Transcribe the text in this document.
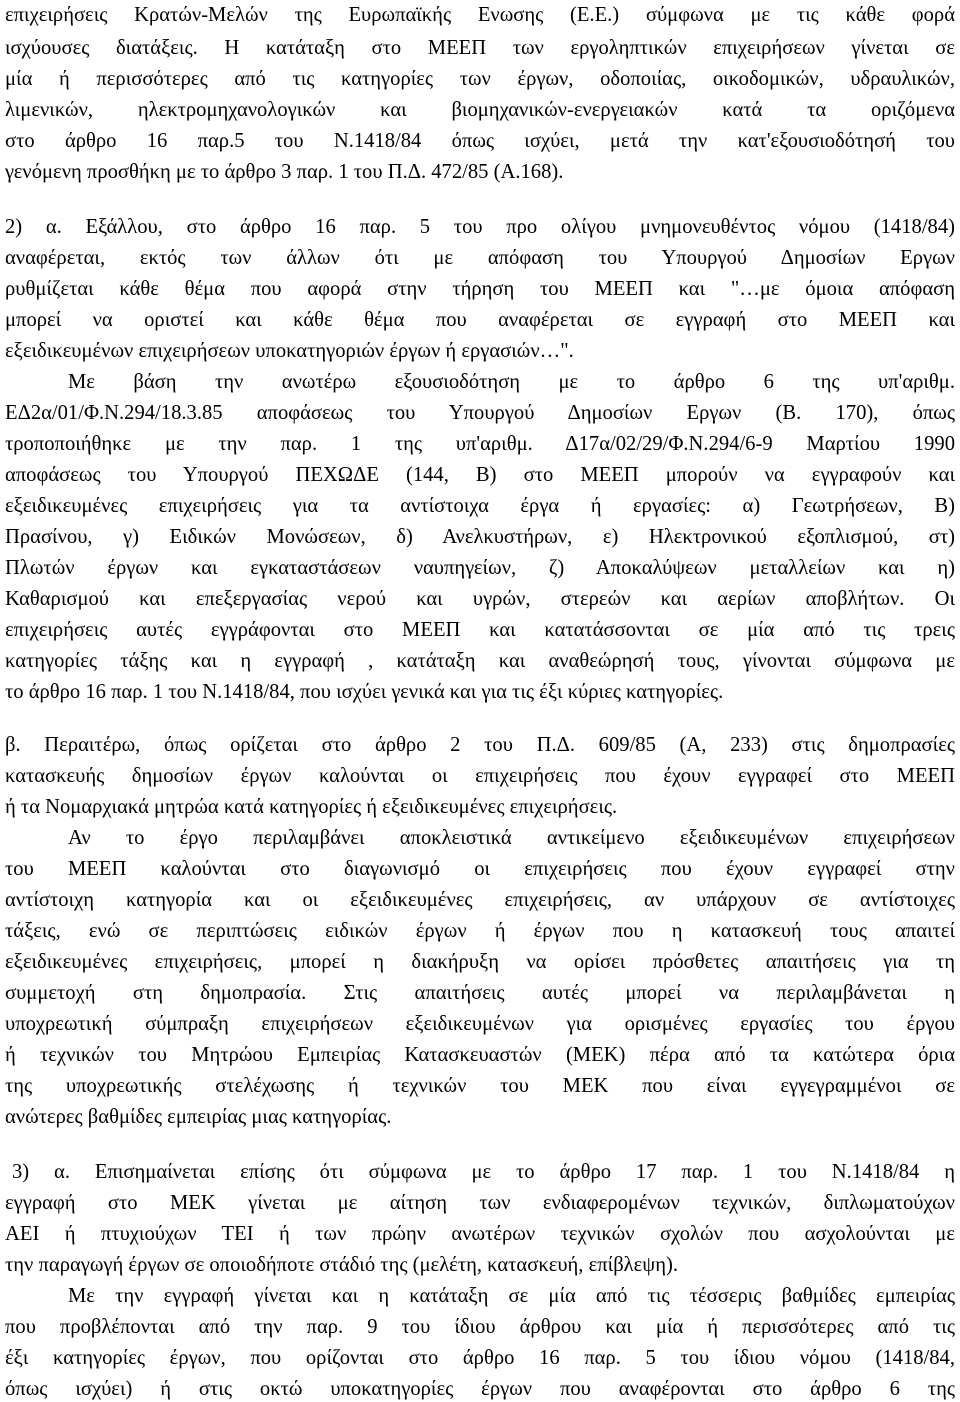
επιχειρήσεις Κρατών-Μελών της Ευρωπαϊκής Ενωσης (Ε.Ε.) σύμφωνα με τις κάθε φορά
ισχύουσες διατάξεις. Η κατάταξη στο ΜΕΕΠ των εργοληπτικών επιχειρήσεων γίνεται σε
μία ή περισσότερες από τις κατηγορίες των έργων, οδοποιίας, οικοδομικών, υδραυλικών,
λιμενικών, ηλεκτρομηχανολογικών και βιομηχανικών-ενεργειακών κατά τα οριζόμενα
στο άρθρο 16 παρ.5 του Ν.1418/84 όπως ισχύει, μετά την κατ'εξουσιοδότησή του
γενόμενη προσθήκη με το άρθρο 3 παρ. 1 του Π.Δ. 472/85 (Α.168).
2) α. Εξάλλου, στο άρθρο 16 παρ. 5 του προ ολίγου μνημονευθέντος νόμου (1418/84)
αναφέρεται, εκτός των άλλων ότι με απόφαση του Υπουργού Δημοσίων Εργων
ρυθμίζεται κάθε θέμα που αφορά στην τήρηση του ΜΕΕΠ και "…με όμοια απόφαση
μπορεί να οριστεί και κάθε θέμα που αναφέρεται σε εγγραφή στο ΜΕΕΠ και
εξειδικευμένων επιχειρήσεων υποκατηγοριών έργων ή εργασιών…".
Με βάση την ανωτέρω εξουσιοδότηση με το άρθρο 6 της υπ'αριθμ.
ΕΔ2α/01/Φ.Ν.294/18.3.85 αποφάσεως του Υπουργού Δημοσίων Εργων (Β. 170), όπως
τροποποιήθηκε με την παρ. 1 της υπ'αριθμ. Δ17α/02/29/Φ.Ν.294/6-9 Μαρτίου 1990
αποφάσεως του Υπουργού ΠΕΧΩΔΕ (144, Β) στο ΜΕΕΠ μπορούν να εγγραφούν και
εξειδικευμένες επιχειρήσεις για τα αντίστοιχα έργα ή εργασίες: α) Γεωτρήσεων, Β)
Πρασίνου, γ) Ειδικών Μονώσεων, δ) Ανελκυστήρων, ε) Ηλεκτρονικού εξοπλισμού, στ)
Πλωτών έργων και εγκαταστάσεων ναυπηγείων, ζ) Αποκαλύψεων μεταλλείων και η)
Καθαρισμού και επεξεργασίας νερού και υγρών, στερεών και αερίων αποβλήτων. Οι
επιχειρήσεις αυτές εγγράφονται στο ΜΕΕΠ και κατατάσσονται σε μία από τις τρεις
κατηγορίες τάξης και η εγγραφή , κατάταξη και αναθεώρησή τους, γίνονται σύμφωνα με
το άρθρο 16 παρ. 1 του Ν.1418/84, που ισχύει γενικά και για τις έξι κύριες κατηγορίες.
β. Περαιτέρω, όπως ορίζεται στο άρθρο 2 του Π.Δ. 609/85 (Α, 233) στις δημοπρασίες
κατασκευής δημοσίων έργων καλούνται οι επιχειρήσεις που έχουν εγγραφεί στο ΜΕΕΠ
ή τα Νομαρχιακά μητρώα κατά κατηγορίες ή εξειδικευμένες επιχειρήσεις.
Αν το έργο περιλαμβάνει αποκλειστικά αντικείμενο εξειδικευμένων επιχειρήσεων
του ΜΕΕΠ καλούνται στο διαγωνισμό οι επιχειρήσεις που έχουν εγγραφεί στην
αντίστοιχη κατηγορία και οι εξειδικευμένες επιχειρήσεις, αν υπάρχουν σε αντίστοιχες
τάξεις, ενώ σε περιπτώσεις ειδικών έργων ή έργων που η κατασκευή τους απαιτεί
εξειδικευμένες επιχειρήσεις, μπορεί η διακήρυξη να ορίσει πρόσθετες απαιτήσεις για τη
συμμετοχή στη δημοπρασία. Στις απαιτήσεις αυτές μπορεί να περιλαμβάνεται η
υποχρεωτική σύμπραξη επιχειρήσεων εξειδικευμένων για ορισμένες εργασίες του έργου
ή τεχνικών του Μητρώου Εμπειρίας Κατασκευαστών (ΜΕΚ) πέρα από τα κατώτερα όρια
της υποχρεωτικής στελέχωσης ή τεχνικών του ΜΕΚ που είναι εγγεγραμμένοι σε
ανώτερες βαθμίδες εμπειρίας μιας κατηγορίας.
3) α. Επισημαίνεται επίσης ότι σύμφωνα με το άρθρο 17 παρ. 1 του Ν.1418/84 η
εγγραφή στο ΜΕΚ γίνεται με αίτηση των ενδιαφερομένων τεχνικών, διπλωματούχων
ΑΕΙ ή πτυχιούχων ΤΕΙ ή των πρώην ανωτέρων τεχνικών σχολών που ασχολούνται με
την παραγωγή έργων σε οποιοδήποτε στάδιό της (μελέτη, κατασκευή, επίβλεψη).
Με την εγγραφή γίνεται και η κατάταξη σε μία από τις τέσσερις βαθμίδες εμπειρίας
που προβλέπονται από την παρ. 9 του ίδιου άρθρου και μία ή περισσότερες από τις
έξι κατηγορίες έργων, που ορίζονται στο άρθρο 16 παρ. 5 του ίδιου νόμου (1418/84,
όπως ισχύει) ή στις οκτώ υποκατηγορίες έργων που αναφέρονται στο άρθρο 6 της
